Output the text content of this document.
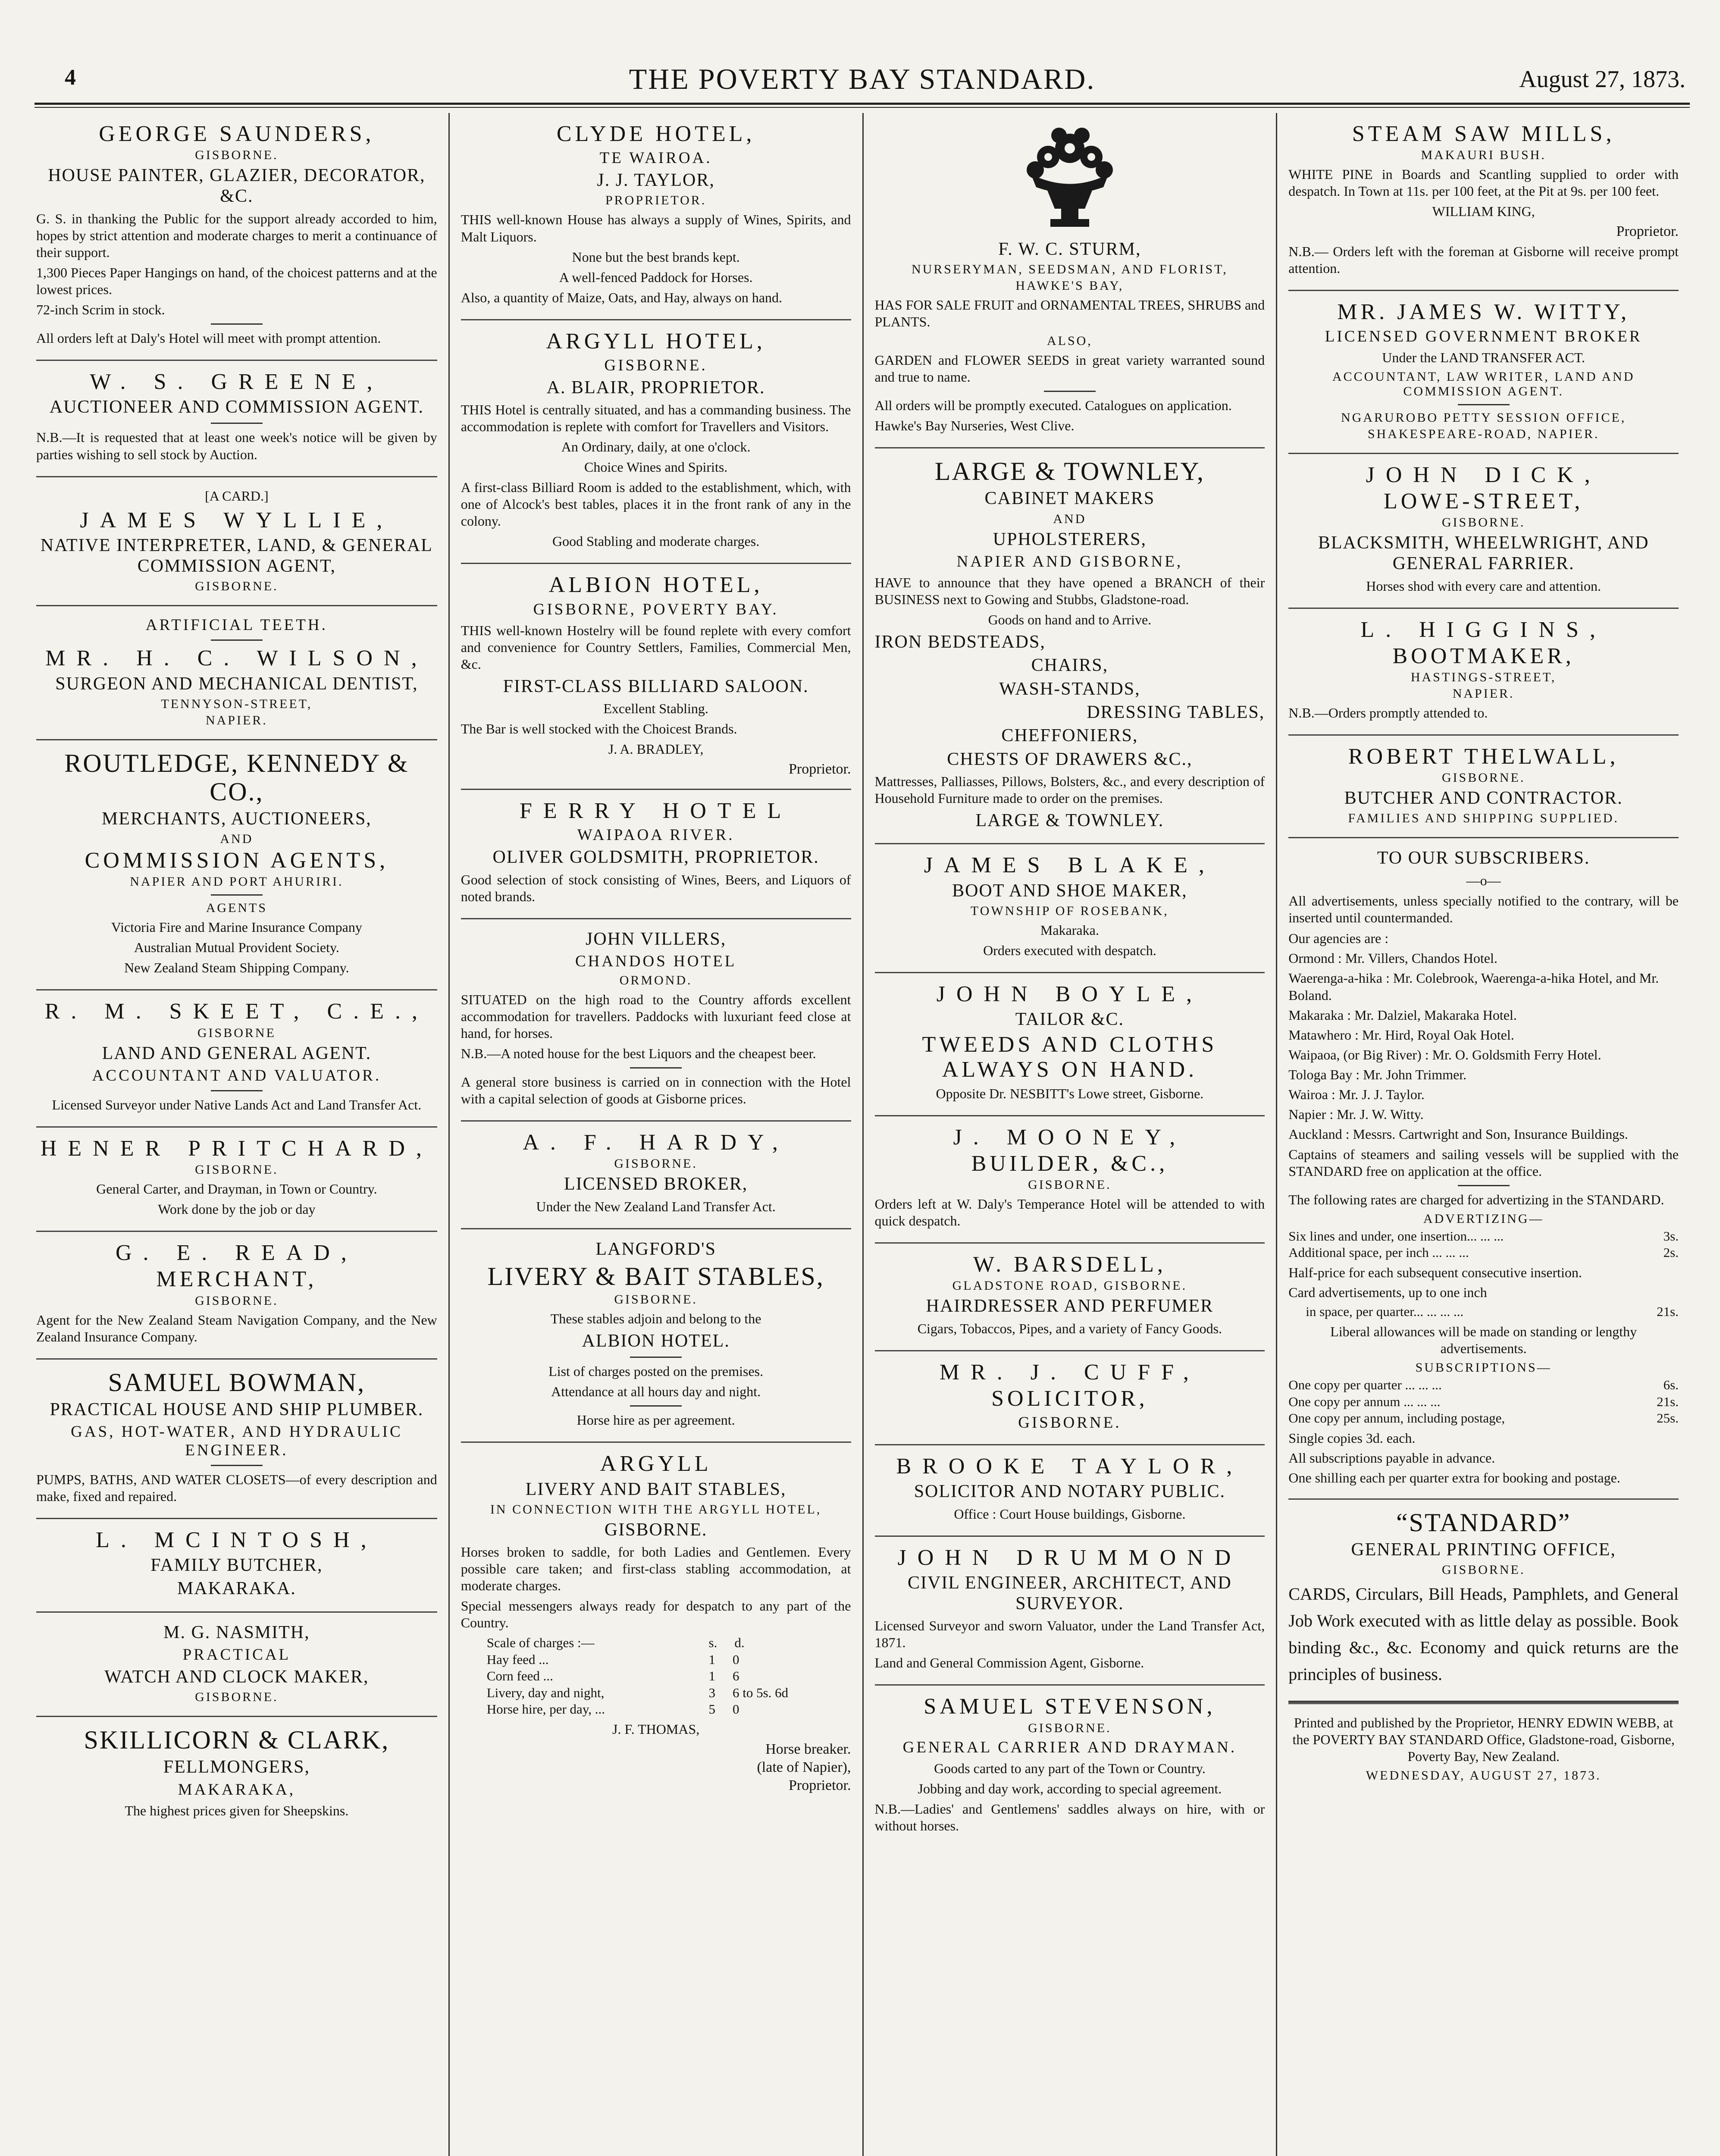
4	THE POVERTY BAY STANDARD.	August 27, 1873.
GEORGE SAUNDERS,
GISBORNE.
HOUSE PAINTER, GLAZIER, DECORATOR, &C.
G. S. in thanking the Public for the support already accorded to him, hopes by strict attention and moderate charges to merit a continuance of their support.
1,300 Pieces Paper Hangings on hand, of the choicest patterns and at the lowest prices.
72-inch Scrim in stock.
All orders left at Daly's Hotel will meet with prompt attention.
W. S. GREENE,
AUCTIONEER AND COMMISSION AGENT.
N.B.—It is requested that at least one week's notice will be given by parties wishing to sell stock by Auction.
[A CARD.]
JAMES WYLLIE,
NATIVE INTERPRETER, LAND, & GENERAL COMMISSION AGENT,
GISBORNE.
ARTIFICIAL TEETH.
MR. H. C. WILSON,
SURGEON AND MECHANICAL DENTIST,
TENNYSON-STREET,
NAPIER.
ROUTLEDGE, KENNEDY & CO.,
MERCHANTS, AUCTIONEERS,
AND
COMMISSION AGENTS,
NAPIER AND PORT AHURIRI.
AGENTS
Victoria Fire and Marine Insurance Company
Australian Mutual Provident Society.
New Zealand Steam Shipping Company.
R. M. SKEET, C.E.,
GISBORNE
LAND AND GENERAL AGENT.
ACCOUNTANT AND VALUATOR.
Licensed Surveyor under Native Lands Act and Land Transfer Act.
HENER PRITCHARD,
GISBORNE.
General Carter, and Drayman, in Town or Country.
Work done by the job or day
G. E. READ,
MERCHANT,
GISBORNE.
Agent for the New Zealand Steam Navigation Company, and the New Zealand Insurance Company.
SAMUEL BOWMAN,
PRACTICAL HOUSE AND SHIP PLUMBER.
GAS, HOT-WATER, AND HYDRAULIC ENGINEER.
PUMPS, BATHS, AND WATER CLOSETS—of every description and make, fixed and repaired.
L. MCINTOSH,
FAMILY BUTCHER,
MAKARAKA.
M. G. NASMITH,
PRACTICAL
WATCH AND CLOCK MAKER,
GISBORNE.
SKILLICORN & CLARK,
FELLMONGERS,
MAKARAKA,
The highest prices given for Sheepskins.
CLYDE HOTEL,
TE WAIROA.
J. J. TAYLOR,
PROPRIETOR.
THIS well-known House has always a supply of Wines, Spirits, and Malt Liquors.
None but the best brands kept.
A well-fenced Paddock for Horses.
Also, a quantity of Maize, Oats, and Hay, always on hand.
ARGYLL HOTEL,
GISBORNE.
A. BLAIR, PROPRIETOR.
THIS Hotel is centrally situated, and has a commanding business. The accommodation is replete with comfort for Travellers and Visitors.
An Ordinary, daily, at one o'clock.
Choice Wines and Spirits.
A first-class Billiard Room is added to the establishment, which, with one of Alcock's best tables, places it in the front rank of any in the colony.
Good Stabling and moderate charges.
ALBION HOTEL,
GISBORNE, POVERTY BAY.
THIS well-known Hostelry will be found replete with every comfort and convenience for Country Settlers, Families, Commercial Men, &c.
FIRST-CLASS BILLIARD SALOON.
Excellent Stabling.
The Bar is well stocked with the Choicest Brands.
J. A. BRADLEY,
Proprietor.
FERRY HOTEL
WAIPAOA RIVER.
OLIVER GOLDSMITH, PROPRIETOR.
Good selection of stock consisting of Wines, Beers, and Liquors of noted brands.
JOHN VILLERS,
CHANDOS HOTEL
ORMOND.
SITUATED on the high road to the Country affords excellent accommodation for travellers. Paddocks with luxuriant feed close at hand, for horses.
N.B.—A noted house for the best Liquors and the cheapest beer.
A general store business is carried on in connection with the Hotel with a capital selection of goods at Gisborne prices.
A. F. HARDY,
GISBORNE.
LICENSED BROKER,
Under the New Zealand Land Transfer Act.
LANGFORD'S
LIVERY & BAIT STABLES,
GISBORNE.
These stables adjoin and belong to the
ALBION HOTEL.
List of charges posted on the premises.
Attendance at all hours day and night.
Horse hire as per agreement.
ARGYLL
LIVERY AND BAIT STABLES,
IN CONNECTION WITH THE ARGYLL HOTEL,
GISBORNE.
Horses broken to saddle, for both Ladies and Gentlemen. Every possible care taken; and first-class stabling accommodation, at moderate charges.
Special messengers always ready for despatch to any part of the Country.
Scale of charges :—	s. d.
Hay feed ...	1 0
Corn feed ...	1 6
Livery, day and night,	3 6 to 5s. 6d
Horse hire, per day, ...	5 0
J. F. THOMAS,
Horse breaker.
(late of Napier),
Proprietor.
F. W. C. STURM,
NURSERYMAN, SEEDSMAN, AND FLORIST,
HAWKE'S BAY,
HAS FOR SALE FRUIT and ORNAMENTAL TREES, SHRUBS and PLANTS.
ALSO,
GARDEN and FLOWER SEEDS in great variety warranted sound and true to name.
All orders will be promptly executed. Catalogues on application.
Hawke's Bay Nurseries, West Clive.
LARGE & TOWNLEY,
CABINET MAKERS
AND
UPHOLSTERERS,
NAPIER AND GISBORNE,
HAVE to announce that they have opened a BRANCH of their BUSINESS next to Gowing and Stubbs, Gladstone-road.
Goods on hand and to Arrive.
IRON BEDSTEADS,
CHAIRS,
WASH-STANDS,
DRESSING TABLES,
CHEFFONIERS,
CHESTS OF DRAWERS &C.,
Mattresses, Palliasses, Pillows, Bolsters, &c., and every description of Household Furniture made to order on the premises.
LARGE & TOWNLEY.
JAMES BLAKE,
BOOT AND SHOE MAKER,
TOWNSHIP OF ROSEBANK,
Makaraka.
Orders executed with despatch.
JOHN BOYLE,
TAILOR &C.
TWEEDS AND CLOTHS ALWAYS ON HAND.
Opposite Dr. NESBITT's Lowe street, Gisborne.
J. MOONEY,
BUILDER, &C.,
GISBORNE.
Orders left at W. Daly's Temperance Hotel will be attended to with quick despatch.
W. BARSDELL,
GLADSTONE ROAD, GISBORNE.
HAIRDRESSER AND PERFUMER
Cigars, Tobaccos, Pipes, and a variety of Fancy Goods.
MR. J. CUFF,
SOLICITOR,
GISBORNE.
BROOKE TAYLOR,
SOLICITOR AND NOTARY PUBLIC.
Office : Court House buildings, Gisborne.
JOHN DRUMMOND
CIVIL ENGINEER, ARCHITECT, AND SURVEYOR.
Licensed Surveyor and sworn Valuator, under the Land Transfer Act, 1871.
Land and General Commission Agent, Gisborne.
SAMUEL STEVENSON,
GISBORNE.
GENERAL CARRIER AND DRAYMAN.
Goods carted to any part of the Town or Country.
Jobbing and day work, according to special agreement.
N.B.—Ladies' and Gentlemens' saddles always on hire, with or without horses.
STEAM SAW MILLS,
MAKAURI BUSH.
WHITE PINE in Boards and Scantling supplied to order with despatch. In Town at 11s. per 100 feet, at the Pit at 9s. per 100 feet.
WILLIAM KING,
Proprietor.
N.B.— Orders left with the foreman at Gisborne will receive prompt attention.
MR. JAMES W. WITTY,
LICENSED GOVERNMENT BROKER
Under the LAND TRANSFER ACT.
ACCOUNTANT, LAW WRITER, LAND AND COMMISSION AGENT.
NGARUROBO PETTY SESSION OFFICE,
SHAKESPEARE-ROAD, NAPIER.
JOHN DICK,
LOWE-STREET,
GISBORNE.
BLACKSMITH, WHEELWRIGHT, AND GENERAL FARRIER.
Horses shod with every care and attention.
L. HIGGINS,
BOOTMAKER,
HASTINGS-STREET,
NAPIER.
N.B.—Orders promptly attended to.
ROBERT THELWALL,
GISBORNE.
BUTCHER AND CONTRACTOR.
FAMILIES AND SHIPPING SUPPLIED.
TO OUR SUBSCRIBERS.
—o—
All advertisements, unless specially notified to the contrary, will be inserted until countermanded.
Our agencies are :
Ormond : Mr. Villers, Chandos Hotel.
Waerenga-a-hika : Mr. Colebrook, Waerenga-a-hika Hotel, and Mr. Boland.
Makaraka : Mr. Dalziel, Makaraka Hotel.
Matawhero : Mr. Hird, Royal Oak Hotel.
Waipaoa, (or Big River) : Mr. O. Goldsmith Ferry Hotel.
Tologa Bay : Mr. John Trimmer.
Wairoa : Mr. J. J. Taylor.
Napier : Mr. J. W. Witty.
Auckland : Messrs. Cartwright and Son, Insurance Buildings.
Captains of steamers and sailing vessels will be supplied with the STANDARD free on application at the office.
The following rates are charged for advertizing in the STANDARD.
ADVERTIZING—
Six lines and under, one insertion... ... ...	3s.
Additional space, per inch ... ... ...	2s.
Half-price for each subsequent consecutive insertion.
Card advertisements, up to one inch
in space, per quarter... ... ... ...	21s.
Liberal allowances will be made on standing or lengthy advertisements.
SUBSCRIPTIONS—
One copy per quarter ... ... ...	6s.
One copy per annum ... ... ...	21s.
One copy per annum, including postage,	25s.
Single copies 3d. each.
All subscriptions payable in advance.
One shilling each per quarter extra for booking and postage.
“STANDARD”
GENERAL PRINTING OFFICE,
GISBORNE.
CARDS, Circulars, Bill Heads, Pamphlets, and General Job Work executed with as little delay as possible. Book binding &c., &c. Economy and quick returns are the principles of business.
Printed and published by the Proprietor, HENRY EDWIN WEBB, at the POVERTY BAY STANDARD Office, Gladstone-road, Gisborne, Poverty Bay, New Zealand.
WEDNESDAY, AUGUST 27, 1873.
